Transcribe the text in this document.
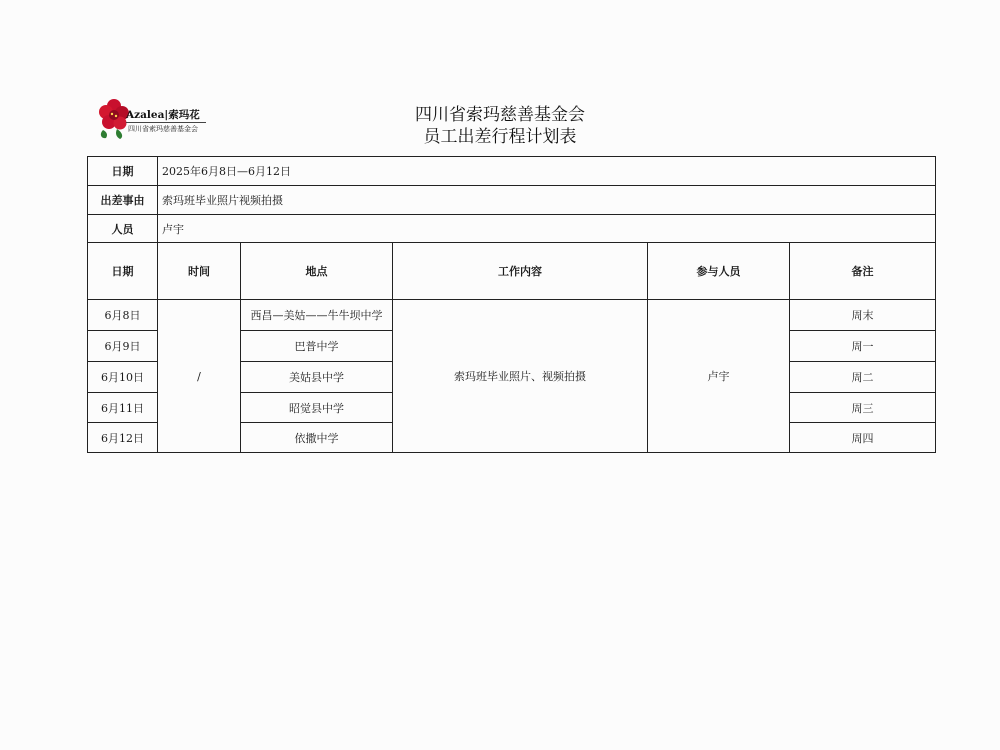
Azalea|索玛花
四川省索玛慈善基金会
四川省索玛慈善基金会
员工出差行程计划表
日期	2025年6月8日—6月12日				
出差事由	索玛班毕业照片视频拍摄				
人员	卢宇				
日期	时间	地点	工作内容	参与人员	备注
6月8日	/	西昌—美姑——牛牛坝中学	索玛班毕业照片、视频拍摄	卢宇	周末
6月9日		巴普中学			周一
6月10日		美姑县中学			周二
6月11日		昭觉县中学			周三
6月12日		依撒中学			周四
